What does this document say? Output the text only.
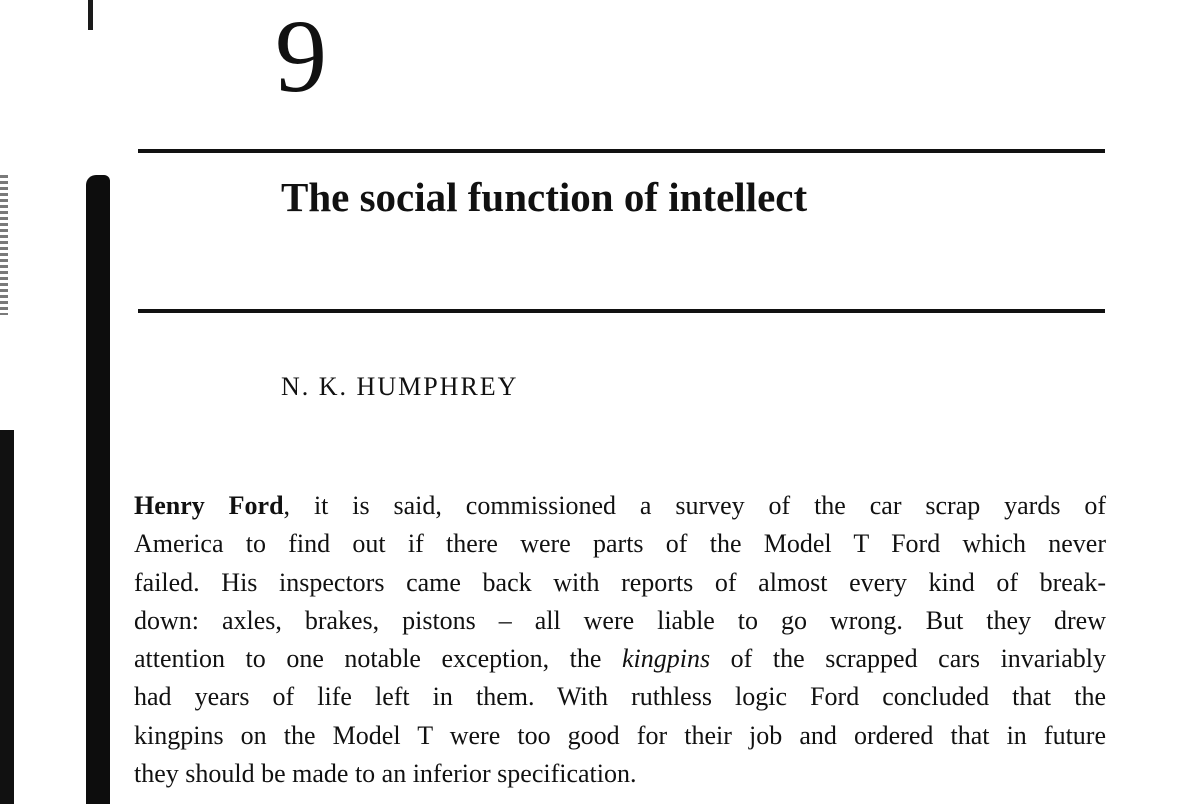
9
The social function of intellect
N. K. HUMPHREY
Henry Ford, it is said, commissioned a survey of the car scrap yards of
America to find out if there were parts of the Model T Ford which never
failed. His inspectors came back with reports of almost every kind of break-
down: axles, brakes, pistons – all were liable to go wrong. But they drew
attention to one notable exception, the kingpins of the scrapped cars invariably
had years of life left in them. With ruthless logic Ford concluded that the
kingpins on the Model T were too good for their job and ordered that in future
they should be made to an inferior specification.
